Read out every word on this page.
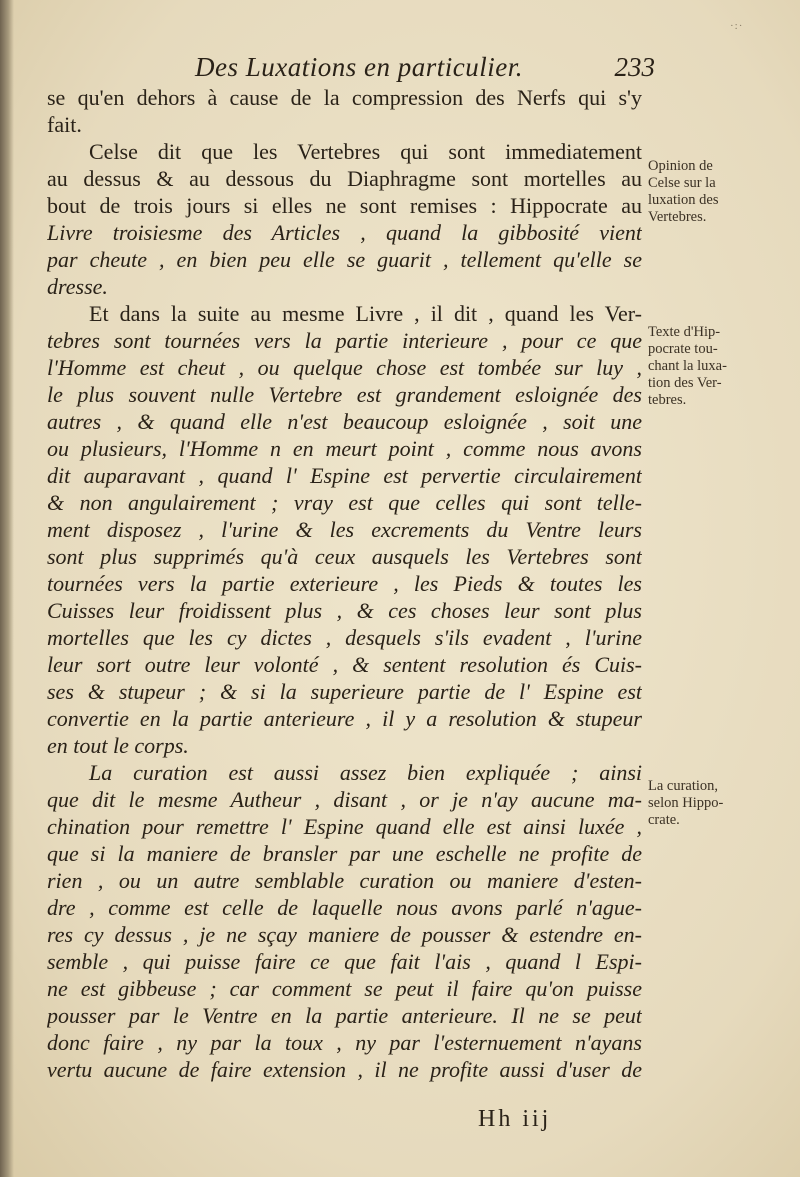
·:·
Des Luxations en particulier.	233
se qu'en dehors à cause de la compression des Nerfs qui s'y
fait.
Celse dit que les Vertebres qui sont immediatement
au dessus & au dessous du Diaphragme sont mortelles au
bout de trois jours si elles ne sont remises : Hippocrate au
Livre troisiesme des Articles , quand la gibbosité vient
par cheute , en bien peu elle se guarit , tellement qu'elle se
dresse.
Et dans la suite au mesme Livre , il dit , quand les Ver-
tebres sont tournées vers la partie interieure , pour ce que
l'Homme est cheut , ou quelque chose est tombée sur luy ,
le plus souvent nulle Vertebre est grandement esloignée des
autres , & quand elle n'est beaucoup esloignée , soit une
ou plusieurs, l'Homme n en meurt point , comme nous avons
dit auparavant , quand l' Espine est pervertie circulairement
& non angulairement ; vray est que celles qui sont telle-
ment disposez , l'urine & les excrements du Ventre leurs
sont plus supprimés qu'à ceux ausquels les Vertebres sont
tournées vers la partie exterieure , les Pieds & toutes les
Cuisses leur froidissent plus , & ces choses leur sont plus
mortelles que les cy dictes , desquels s'ils evadent , l'urine
leur sort outre leur volonté , & sentent resolution és Cuis-
ses & stupeur ; & si la superieure partie de l' Espine est
convertie en la partie anterieure , il y a resolution & stupeur
en tout le corps.
La curation est aussi assez bien expliquée ; ainsi
que dit le mesme Autheur , disant , or je n'ay aucune ma-
chination pour remettre l' Espine quand elle est ainsi luxée ,
que si la maniere de bransler par une eschelle ne profite de
rien , ou un autre semblable curation ou maniere d'esten-
dre , comme est celle de laquelle nous avons parlé n'ague-
res cy dessus , je ne sçay maniere de pousser & estendre en-
semble , qui puisse faire ce que fait l'ais , quand l Espi-
ne est gibbeuse ; car comment se peut il faire qu'on puisse
pousser par le Ventre en la partie anterieure. Il ne se peut
donc faire , ny par la toux , ny par l'esternuement n'ayans
vertu aucune de faire extension , il ne profite aussi d'user de
Opinion de
Celse sur la
luxation des
Vertebres.
Texte d'Hip-
pocrate tou-
chant la luxa-
tion des Ver-
tebres.
La curation,
selon Hippo-
crate.
Hh iij
